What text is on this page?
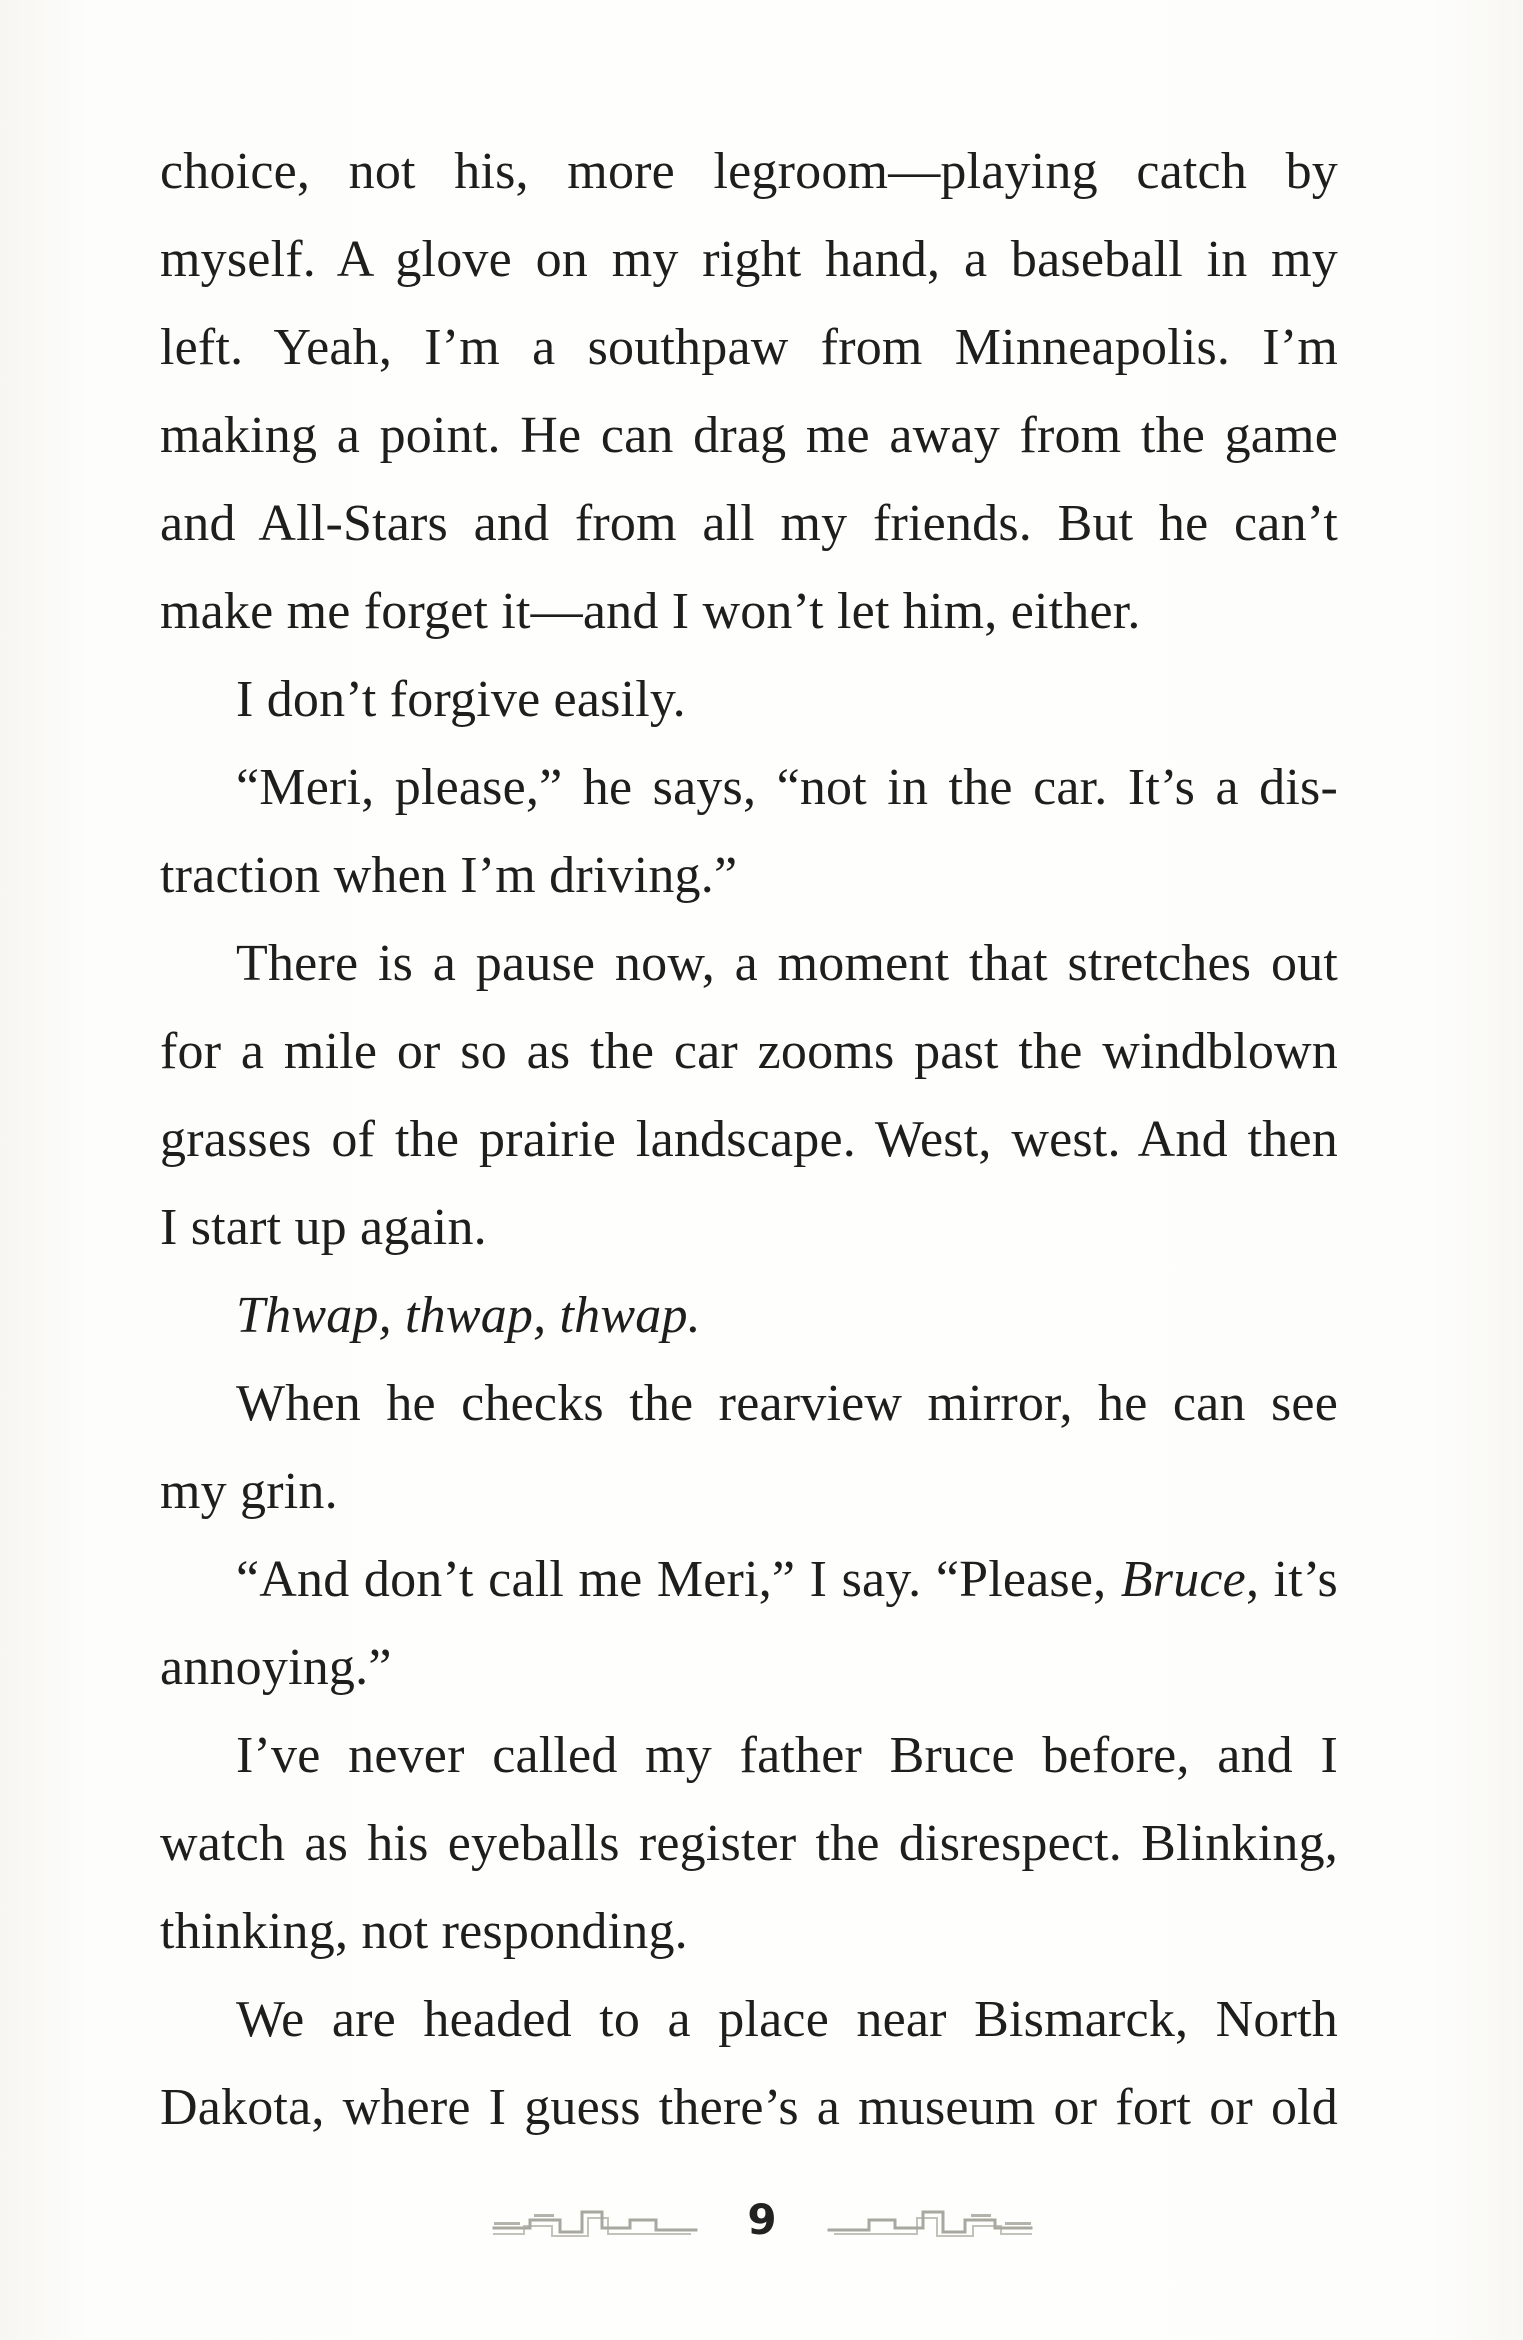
choice, not his, more legroom—playing catch by
myself. A glove on my right hand, a baseball in my
left. Yeah, I’m a southpaw from Minneapolis. I’m
making a point. He can drag me away from the game
and All-Stars and from all my friends. But he can’t
make me forget it—and I won’t let him, either.
I don’t forgive easily.
“Meri, please,” he says, “not in the car. It’s a dis-
traction when I’m driving.”
There is a pause now, a moment that stretches out
for a mile or so as the car zooms past the windblown
grasses of the prairie landscape. West, west. And then
I start up again.
Thwap, thwap, thwap.
When he checks the rearview mirror, he can see
my grin.
“And don’t call me Meri,” I say. “Please, Bruce, it’s
annoying.”
I’ve never called my father Bruce before, and I
watch as his eyeballs register the disrespect. Blinking,
thinking, not responding.
We are headed to a place near Bismarck, North
Dakota, where I guess there’s a museum or fort or old
9
